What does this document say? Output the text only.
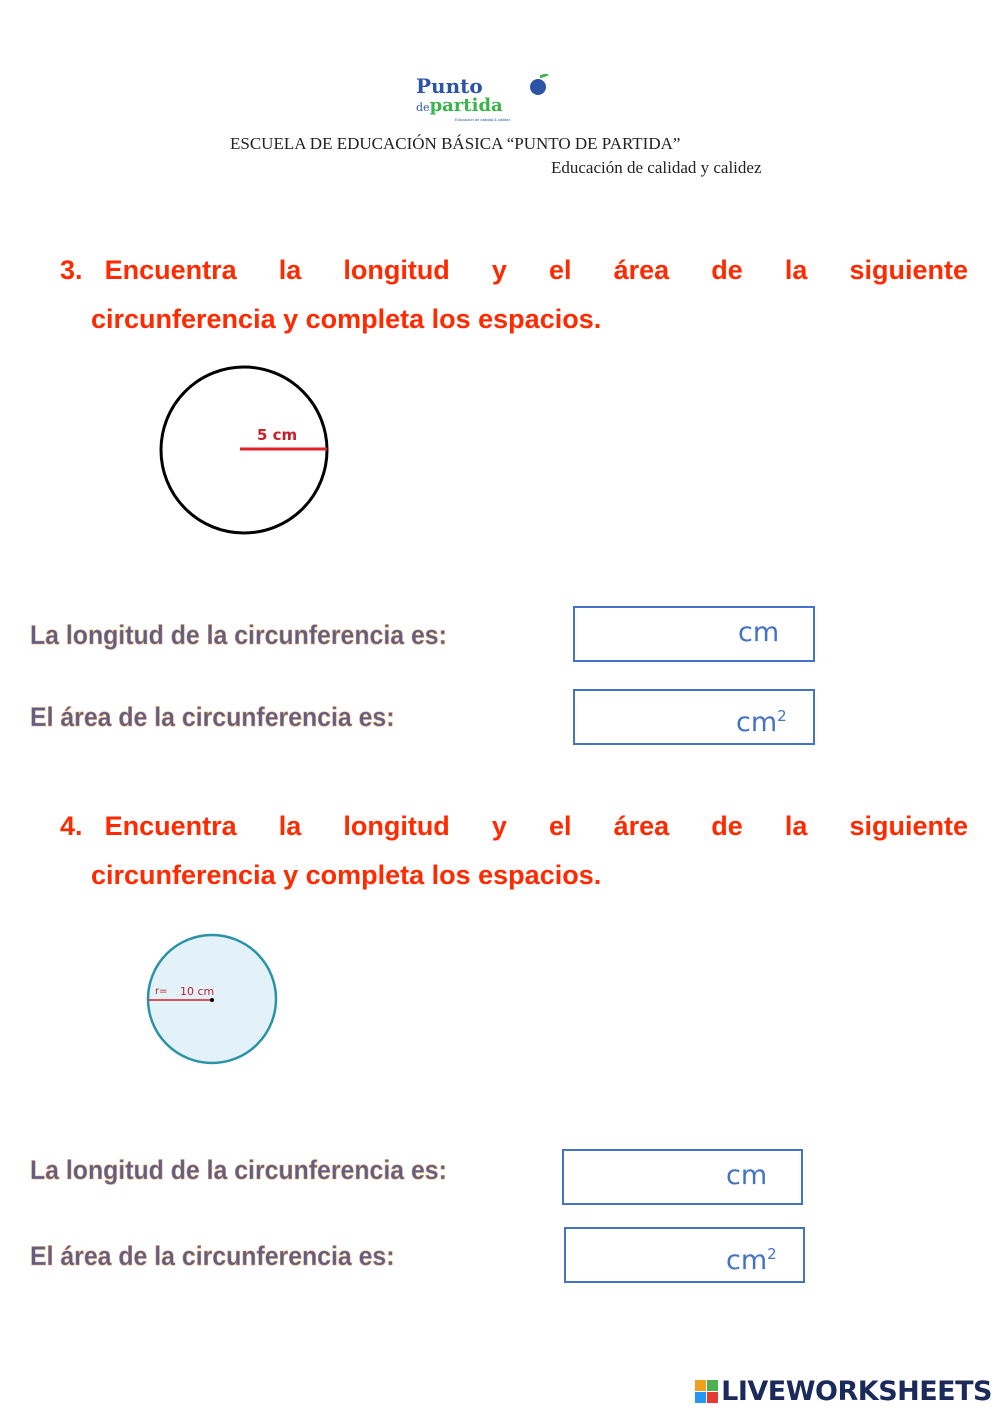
Punto
departida
Educación de calidad & calidez
ESCUELA DE EDUCACIÓN BÁSICA “PUNTO DE PARTIDA”
Educación de calidad y calidez
3. Encuentra la longitud y el área de la siguiente
circunferencia y completa los espacios.
5 cm
La longitud de la circunferencia es:	cm
El área de la circunferencia es:	$cm^2$
4. Encuentra la longitud y el área de la siguiente
circunferencia y completa los espacios.
r= 10 cm
La longitud de la circunferencia es:	cm
El área de la circunferencia es:	$cm^2$
LIVEWORKSHEETS
